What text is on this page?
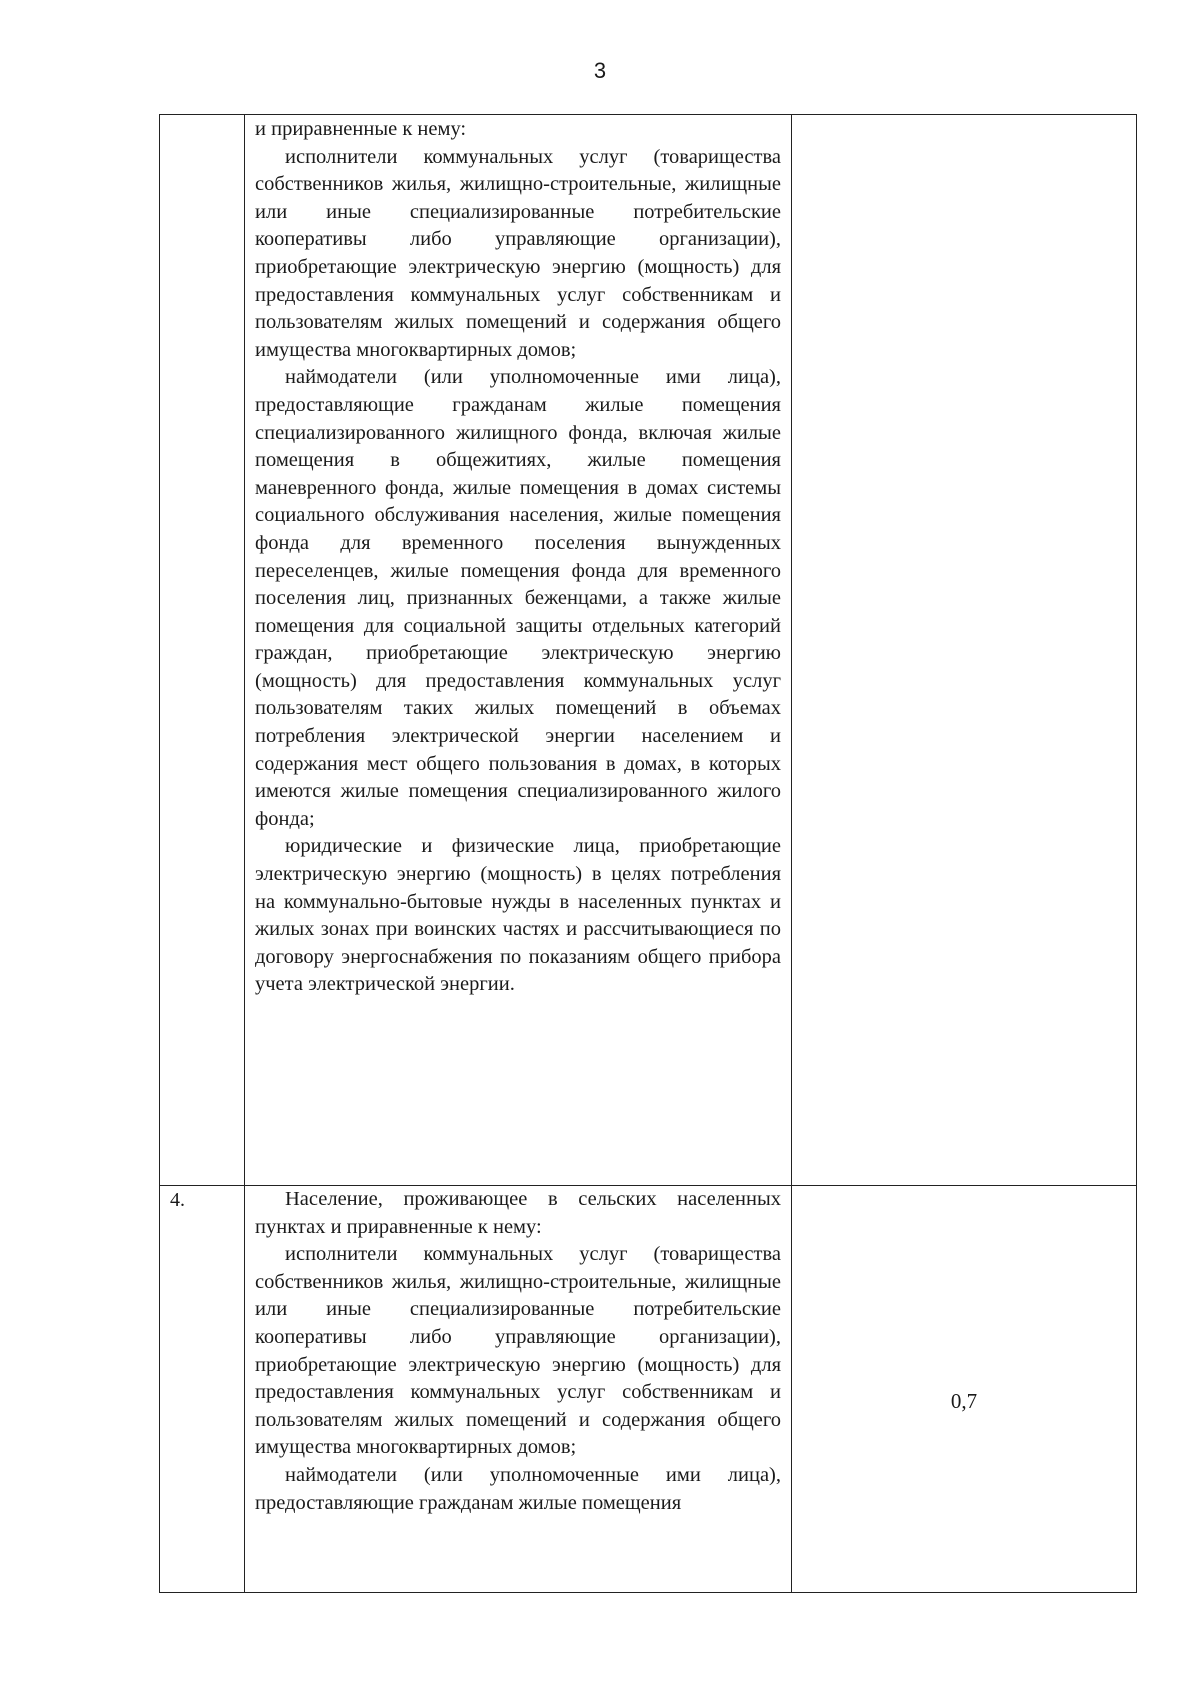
3

	и приравненные к нему:

исполнители коммунальных услуг (товарищества собственников жилья, жилищно-строительные, жилищные или иные специализированные потребительские кооперативы либо управляющие организации), приобретающие электрическую энергию (мощность) для предоставления коммунальных услуг собственникам и пользователям жилых помещений и содержания общего имущества многоквартирных домов;

наймодатели (или уполномоченные ими лица), предоставляющие гражданам жилые помещения специализированного жилищного фонда, включая жилые помещения в общежитиях, жилые помещения маневренного фонда, жилые помещения в домах системы социального обслуживания населения, жилые помещения фонда для временного поселения вынужденных переселенцев, жилые помещения фонда для временного поселения лиц, признанных беженцами, а также жилые помещения для социальной защиты отдельных категорий граждан, приобретающие электрическую энергию (мощность) для предоставления коммунальных услуг пользователям таких жилых помещений в объемах потребления электрической энергии населением и содержания мест общего пользования в домах, в которых имеются жилые помещения специализированного жилого фонда;

юридические и физические лица, приобретающие электрическую энергию (мощность) в целях потребления на коммунально-бытовые нужды в населенных пунктах и жилых зонах при воинских частях и рассчитывающиеся по договору энергоснабжения по показаниям общего прибора учета электрической энергии.	

4.	Население, проживающее в сельских населенных пунктах и приравненные к нему:

исполнители коммунальных услуг (товарищества собственников жилья, жилищно-строительные, жилищные или иные специализированные потребительские кооперативы либо управляющие организации), приобретающие электрическую энергию (мощность) для предоставления коммунальных услуг собственникам и пользователям жилых помещений и содержания общего имущества многоквартирных домов;

наймодатели (или уполномоченные ими лица), предоставляющие гражданам жилые помещения	0,7
